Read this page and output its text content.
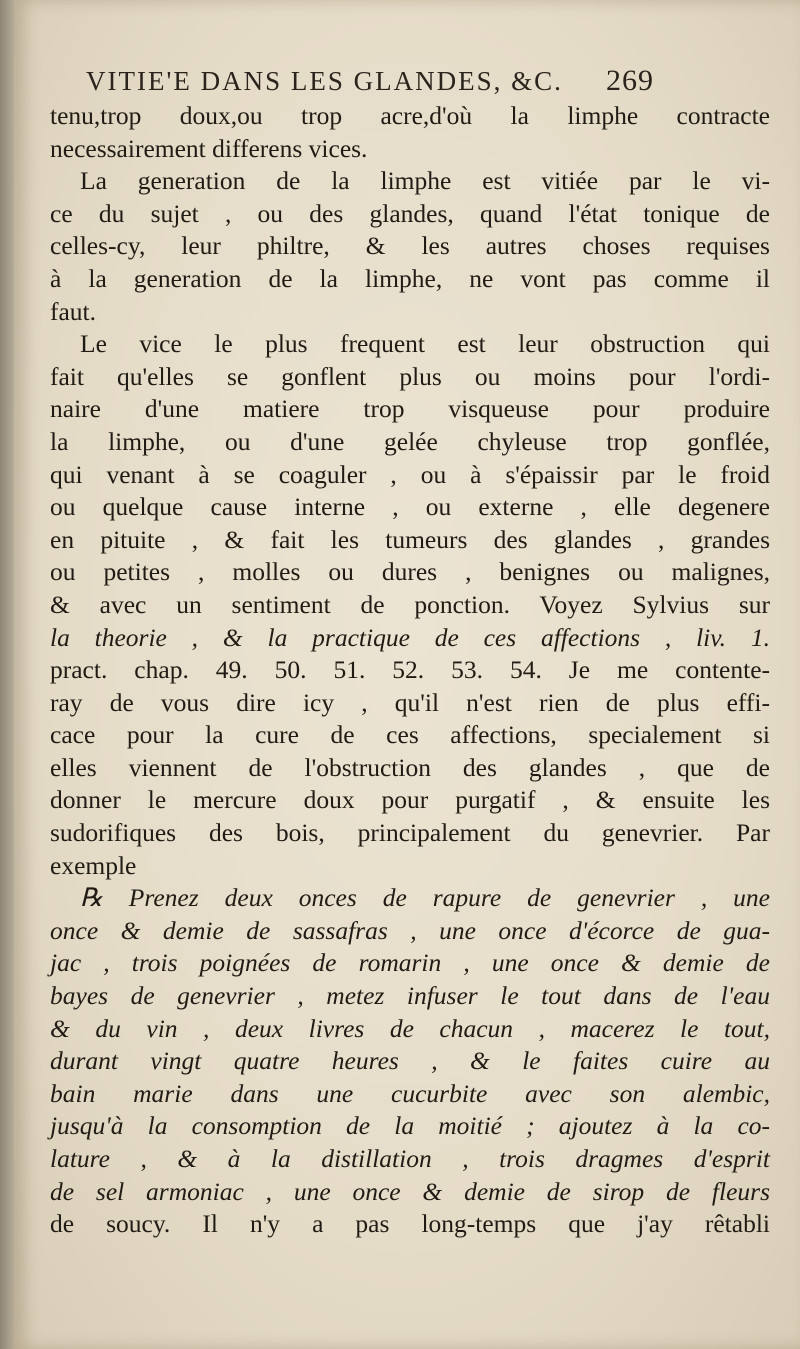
VITIE'E DANS LES GLANDES, &C. 269
tenu,trop doux,ou trop acre,d'où la limphe contracte
necessairement differens vices.
La generation de la limphe est vitiée par le vi-
ce du sujet , ou des glandes, quand l'état tonique de
celles-cy, leur philtre, & les autres choses requises
à la generation de la limphe, ne vont pas comme il
faut.
Le vice le plus frequent est leur obstruction qui
fait qu'elles se gonflent plus ou moins pour l'ordi-
naire d'une matiere trop visqueuse pour produire
la limphe, ou d'une gelée chyleuse trop gonflée,
qui venant à se coaguler , ou à s'épaissir par le froid
ou quelque cause interne , ou externe , elle degenere
en pituite , & fait les tumeurs des glandes , grandes
ou petites , molles ou dures , benignes ou malignes,
& avec un sentiment de ponction. Voyez Sylvius sur
la theorie , & la practique de ces affections , liv. 1.
pract. chap. 49. 50. 51. 52. 53. 54. Je me contente-
ray de vous dire icy , qu'il n'est rien de plus effi-
cace pour la cure de ces affections, specialement si
elles viennent de l'obstruction des glandes , que de
donner le mercure doux pour purgatif , & ensuite les
sudorifiques des bois, principalement du genevrier. Par
exemple
℞ Prenez deux onces de rapure de genevrier , une
once & demie de sassafras , une once d'écorce de gua-
jac , trois poignées de romarin , une once & demie de
bayes de genevrier , metez infuser le tout dans de l'eau
& du vin , deux livres de chacun , macerez le tout,
durant vingt quatre heures , & le faites cuire au
bain marie dans une cucurbite avec son alembic,
jusqu'à la consomption de la moitié ; ajoutez à la co-
lature , & à la distillation , trois dragmes d'esprit
de sel armoniac , une once & demie de sirop de fleurs
de soucy. Il n'y a pas long-temps que j'ay rêtabli
